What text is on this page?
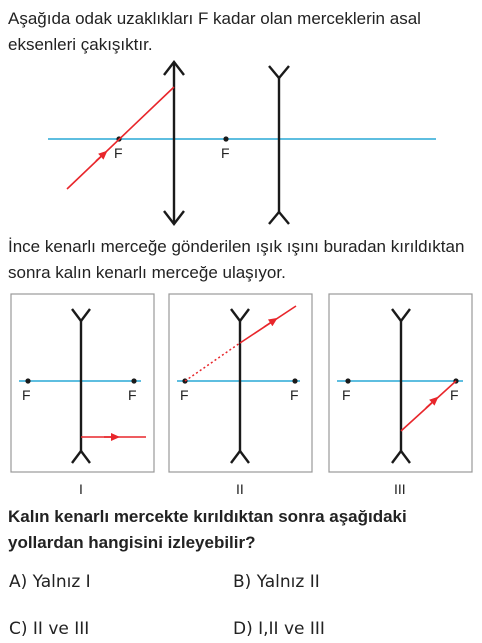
Aşağıda odak uzaklıkları F kadar olan merceklerin asal eksenleri çakışıktır.

F	F
F	F	F	F	F	F
I	II	III

İnce kenarlı merceğe gönderilen ışık ışını buradan kırıldıktan sonra kalın kenarlı merceğe ulaşıyor.

Kalın kenarlı mercekte kırıldıktan sonra aşağıdaki yollardan hangisini izleyebilir?

A) Yalnız I	B) Yalnız II
C) II ve III	D) I,II ve III
